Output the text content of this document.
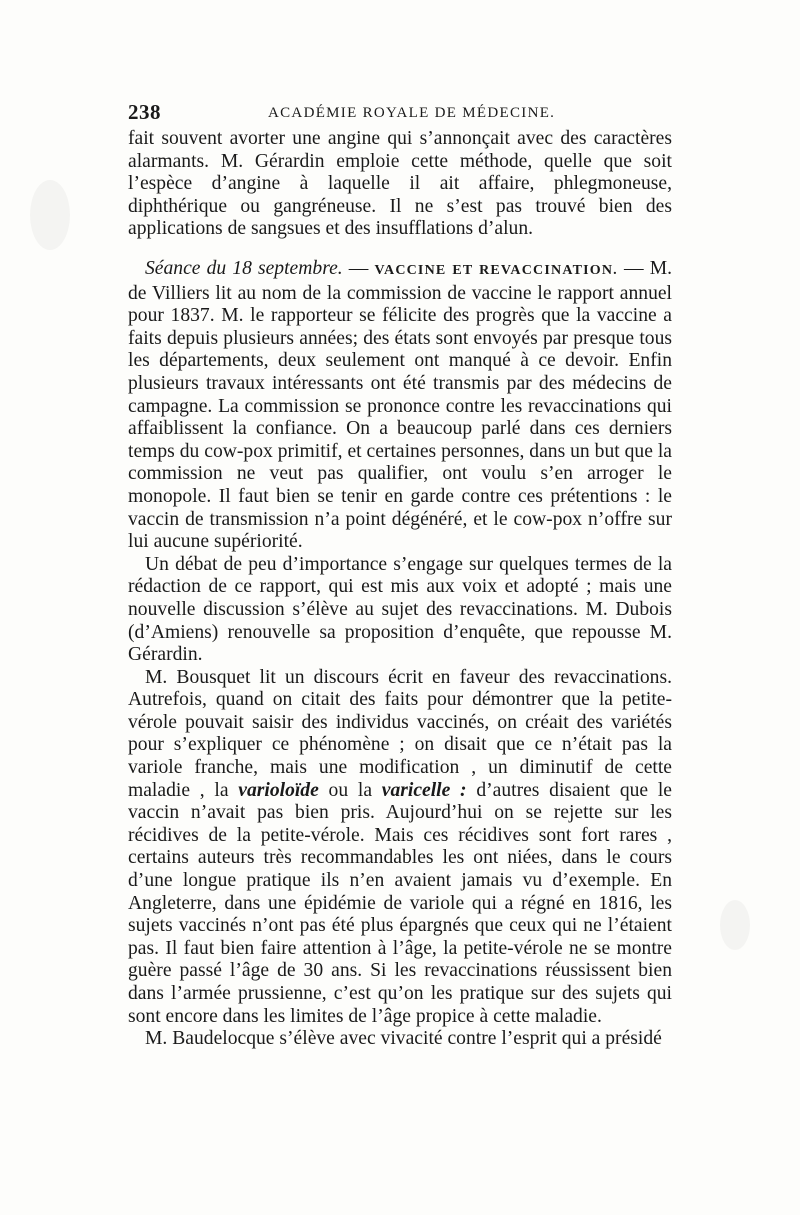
238	ACADÉMIE ROYALE DE MÉDECINE.

fait souvent avorter une angine qui s’annonçait avec des caractères alarmants. M. Gérardin emploie cette méthode, quelle que soit l’espèce d’angine à laquelle il ait affaire, phlegmoneuse, diphthérique ou gangréneuse. Il ne s’est pas trouvé bien des applications de sangsues et des insufflations d’alun.

Séance du 18 septembre. — VACCINE ET REVACCINATION. — M. de Villiers lit au nom de la commission de vaccine le rapport annuel pour 1837. M. le rapporteur se félicite des progrès que la vaccine a faits depuis plusieurs années; des états sont envoyés par presque tous les départements, deux seulement ont manqué à ce devoir. Enfin plusieurs travaux intéressants ont été transmis par des médecins de campagne. La commission se prononce contre les revaccinations qui affaiblissent la confiance. On a beaucoup parlé dans ces derniers temps du cow-pox primitif, et certaines personnes, dans un but que la commission ne veut pas qualifier, ont voulu s’en arroger le monopole. Il faut bien se tenir en garde contre ces prétentions : le vaccin de transmission n’a point dégénéré, et le cow-pox n’offre sur lui aucune supériorité.

Un débat de peu d’importance s’engage sur quelques termes de la rédaction de ce rapport, qui est mis aux voix et adopté ; mais une nouvelle discussion s’élève au sujet des revaccinations. M. Dubois (d’Amiens) renouvelle sa proposition d’enquête, que repousse M. Gérardin.

M. Bousquet lit un discours écrit en faveur des revaccinations. Autrefois, quand on citait des faits pour démontrer que la petite-vérole pouvait saisir des individus vaccinés, on créait des variétés pour s’expliquer ce phénomène ; on disait que ce n’était pas la variole franche, mais une modification , un diminutif de cette maladie , la varioloïde ou la varicelle : d’autres disaient que le vaccin n’avait pas bien pris. Aujourd’hui on se rejette sur les récidives de la petite-vérole. Mais ces récidives sont fort rares , certains auteurs très recommandables les ont niées, dans le cours d’une longue pratique ils n’en avaient jamais vu d’exemple. En Angleterre, dans une épidémie de variole qui a régné en 1816, les sujets vaccinés n’ont pas été plus épargnés que ceux qui ne l’étaient pas. Il faut bien faire attention à l’âge, la petite-vérole ne se montre guère passé l’âge de 30 ans. Si les revaccinations réussissent bien dans l’armée prussienne, c’est qu’on les pratique sur des sujets qui sont encore dans les limites de l’âge propice à cette maladie.

M. Baudelocque s’élève avec vivacité contre l’esprit qui a présidé
